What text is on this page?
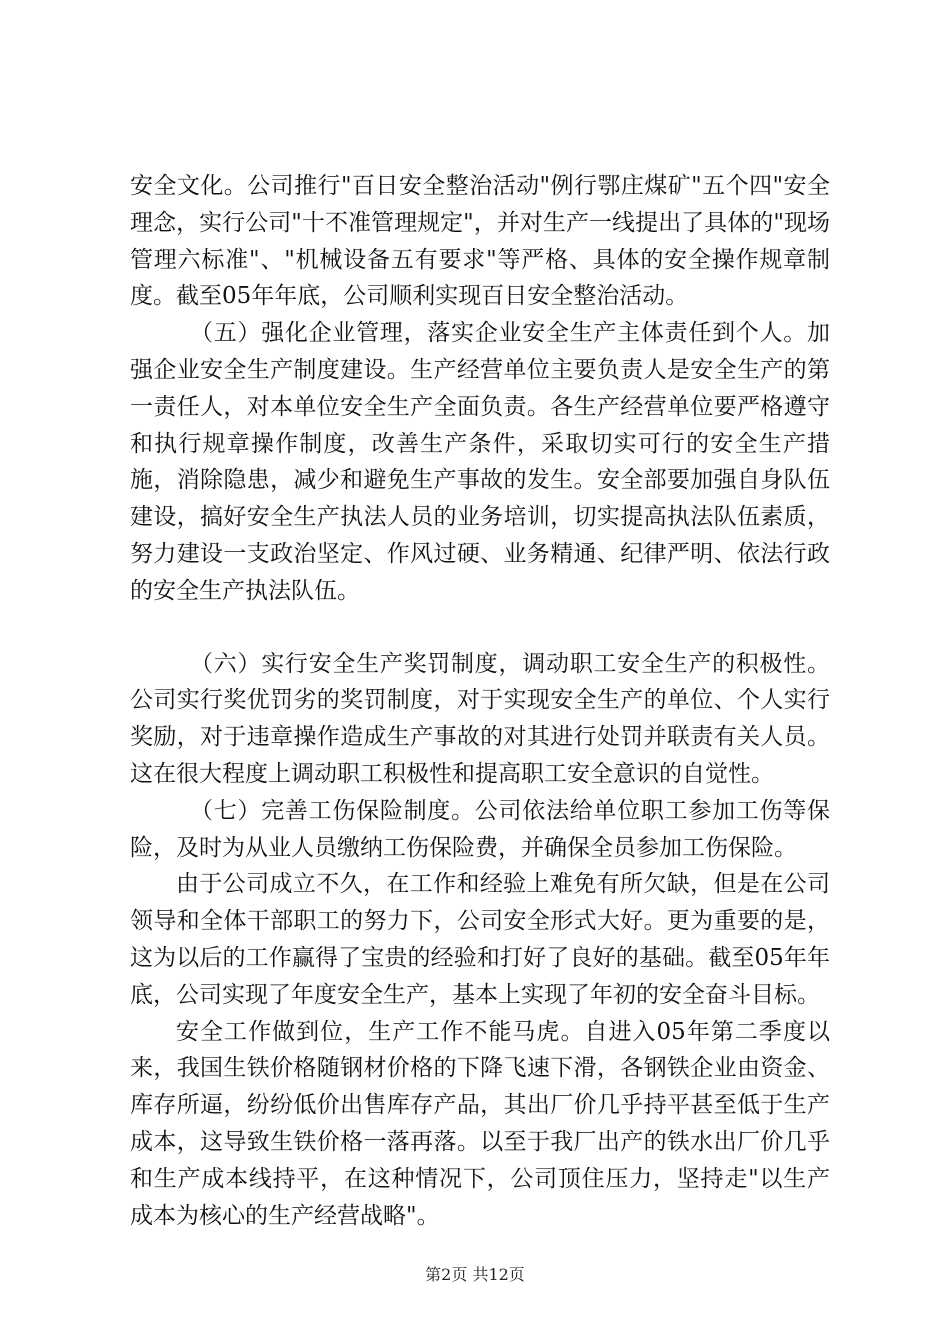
安全文化。公司推行"百日安全整治活动"例行鄂庄煤矿"五个四"安全理念，实行公司"十不准管理规定"，并对生产一线提出了具体的"现场管理六标准"、"机械设备五有要求"等严格、具体的安全操作规章制度。截至05年年底，公司顺利实现百日安全整治活动。

（五）强化企业管理，落实企业安全生产主体责任到个人。加强企业安全生产制度建设。生产经营单位主要负责人是安全生产的第一责任人，对本单位安全生产全面负责。各生产经营单位要严格遵守和执行规章操作制度，改善生产条件，采取切实可行的安全生产措施，消除隐患，减少和避免生产事故的发生。安全部要加强自身队伍建设，搞好安全生产执法人员的业务培训，切实提高执法队伍素质，努力建设一支政治坚定、作风过硬、业务精通、纪律严明、依法行政的安全生产执法队伍。

（六）实行安全生产奖罚制度，调动职工安全生产的积极性。公司实行奖优罚劣的奖罚制度，对于实现安全生产的单位、个人实行奖励，对于违章操作造成生产事故的对其进行处罚并联责有关人员。这在很大程度上调动职工积极性和提高职工安全意识的自觉性。

（七）完善工伤保险制度。公司依法给单位职工参加工伤等保险，及时为从业人员缴纳工伤保险费，并确保全员参加工伤保险。

由于公司成立不久，在工作和经验上难免有所欠缺，但是在公司领导和全体干部职工的努力下，公司安全形式大好。更为重要的是，这为以后的工作赢得了宝贵的经验和打好了良好的基础。截至05年年底，公司实现了年度安全生产，基本上实现了年初的安全奋斗目标。

安全工作做到位，生产工作不能马虎。自进入05年第二季度以来，我国生铁价格随钢材价格的下降飞速下滑，各钢铁企业由资金、库存所逼，纷纷低价出售库存产品，其出厂价几乎持平甚至低于生产成本，这导致生铁价格一落再落。以至于我厂出产的铁水出厂价几乎和生产成本线持平，在这种情况下，公司顶住压力，坚持走"以生产成本为核心的生产经营战略"。

第2页 共12页
